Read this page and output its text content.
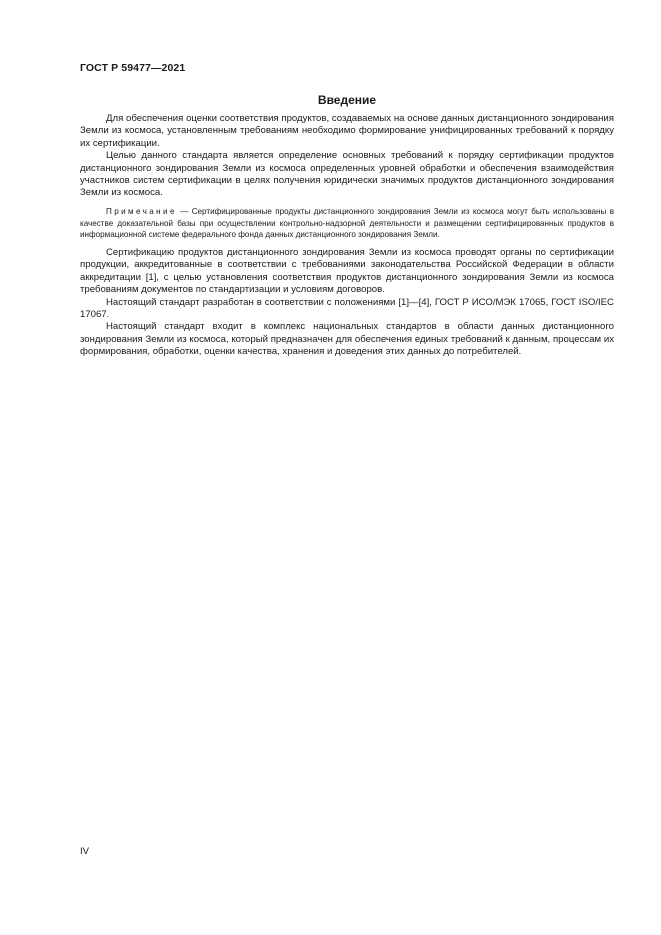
ГОСТ Р 59477—2021

Введение

Для обеспечения оценки соответствия продуктов, создаваемых на основе данных дистанционного зондирования Земли из космоса, установленным требованиям необходимо формирование унифицированных требований к порядку их сертификации.

Целью данного стандарта является определение основных требований к порядку сертификации продуктов дистанционного зондирования Земли из космоса определенных уровней обработки и обеспечения взаимодействия участников систем сертификации в целях получения юридически значимых продуктов дистанционного зондирования Земли из космоса.

Примечание — Сертифицированные продукты дистанционного зондирования Земли из космоса могут быть использованы в качестве доказательной базы при осуществлении контрольно-надзорной деятельности и размещении сертифицированных продуктов в информационной системе федерального фонда данных дистанционного зондирования Земли.

Сертификацию продуктов дистанционного зондирования Земли из космоса проводят органы по сертификации продукции, аккредитованные в соответствии с требованиями законодательства Российской Федерации в области аккредитации [1], с целью установления соответствия продуктов дистанционного зондирования Земли из космоса требованиям документов по стандартизации и условиям договоров.

Настоящий стандарт разработан в соответствии с положениями [1]—[4], ГОСТ Р ИСО/МЭК 17065, ГОСТ ISO/IEC 17067.

Настоящий стандарт входит в комплекс национальных стандартов в области данных дистанционного зондирования Земли из космоса, который предназначен для обеспечения единых требований к данным, процессам их формирования, обработки, оценки качества, хранения и доведения этих данных до потребителей.

IV
